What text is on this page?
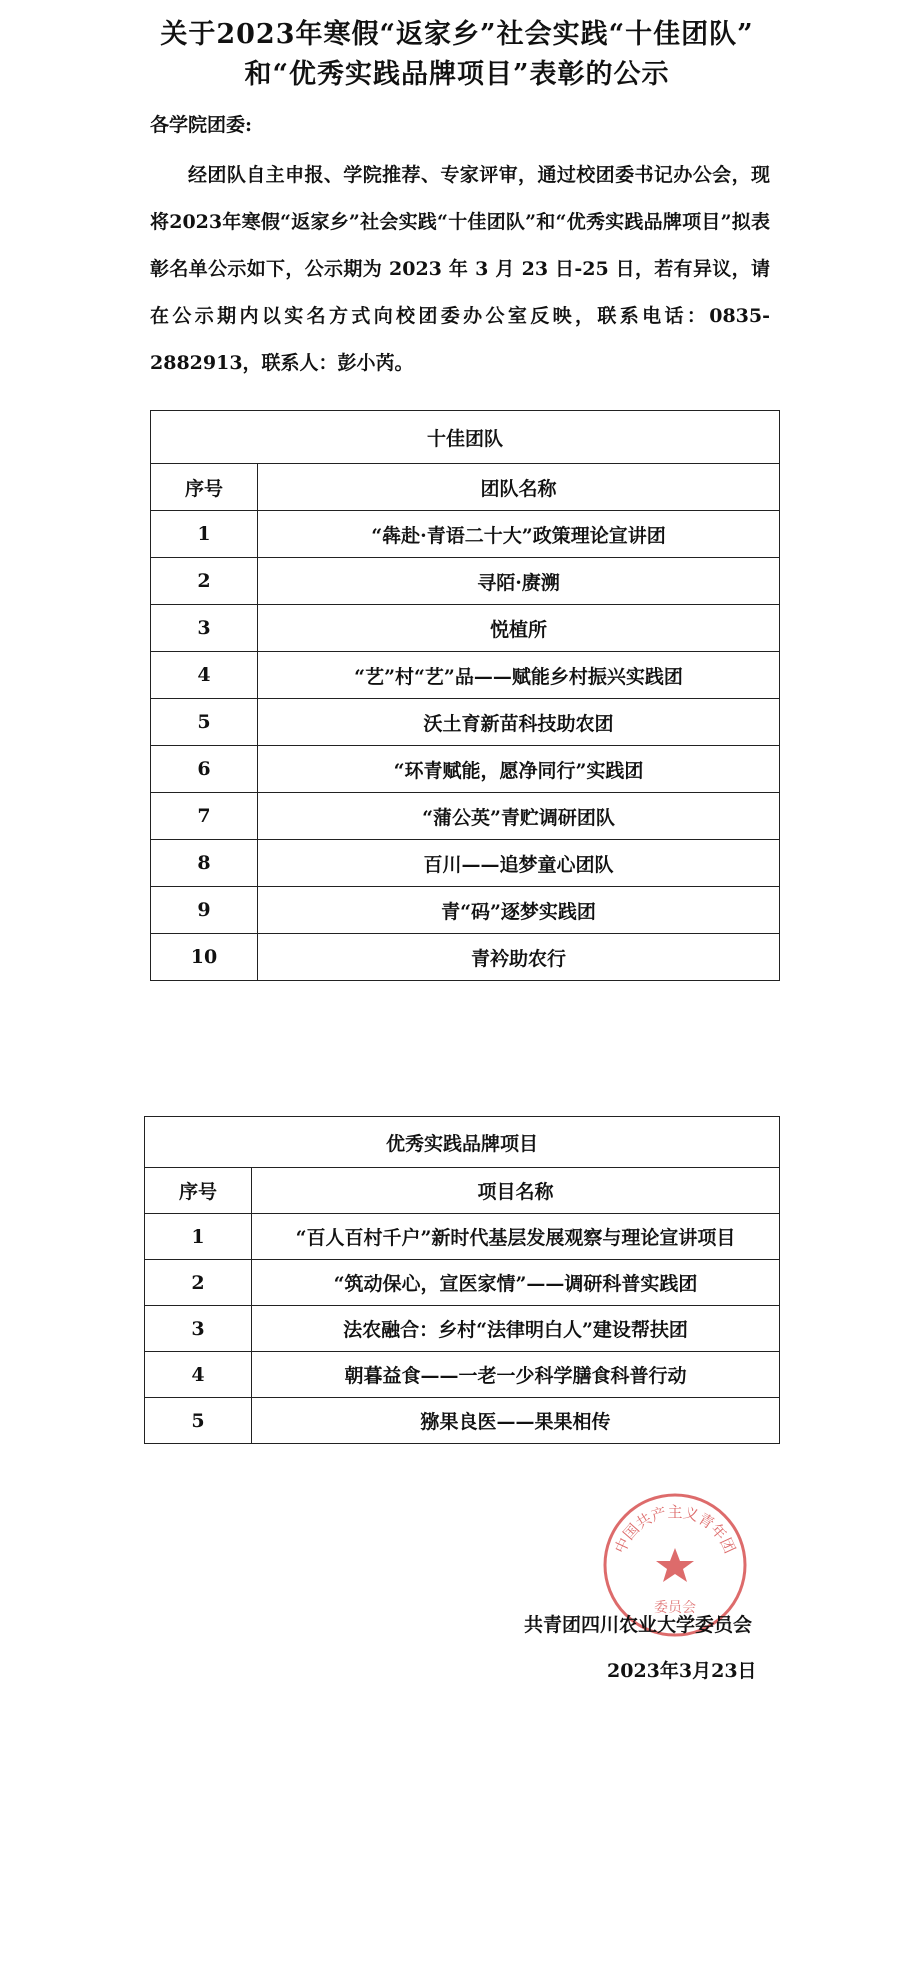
关于2023年寒假“返家乡”社会实践“十佳团队”
和“优秀实践品牌项目”表彰的公示
各学院团委:

经团队自主申报、学院推荐、专家评审，通过校团委书记办公会，现将2023年寒假“返家乡”社会实践“十佳团队”和“优秀实践品牌项目”拟表彰名单公示如下，公示期为 2023 年 3 月 23 日-25 日，若有异议，请在公示期内以实名方式向校团委办公室反映，联系电话：0835-2882913，联系人：彭小芮。

十佳团队	
序号	团队名称
1	“犇赴·青语二十大”政策理论宣讲团
2	寻陌·赓溯
3	悦植所
4	“艺”村“艺”品——赋能乡村振兴实践团
5	沃土育新苗科技助农团
6	“环青赋能，愿净同行”实践团
7	“蒲公英”青贮调研团队
8	百川——追梦童心团队
9	青“码”逐梦实践团
10	青衿助农行
优秀实践品牌项目	
序号	项目名称
1	“百人百村千户”新时代基层发展观察与理论宣讲项目
2	“筑动保心，宣医家情”——调研科普实践团
3	法农融合：乡村“法律明白人”建设帮扶团
4	朝暮益食——一老一少科学膳食科普行动
5	猕果良医——果果相传
中国共产主义青年团
委员会
共青团四川农业大学委员会
2023年3月23日
